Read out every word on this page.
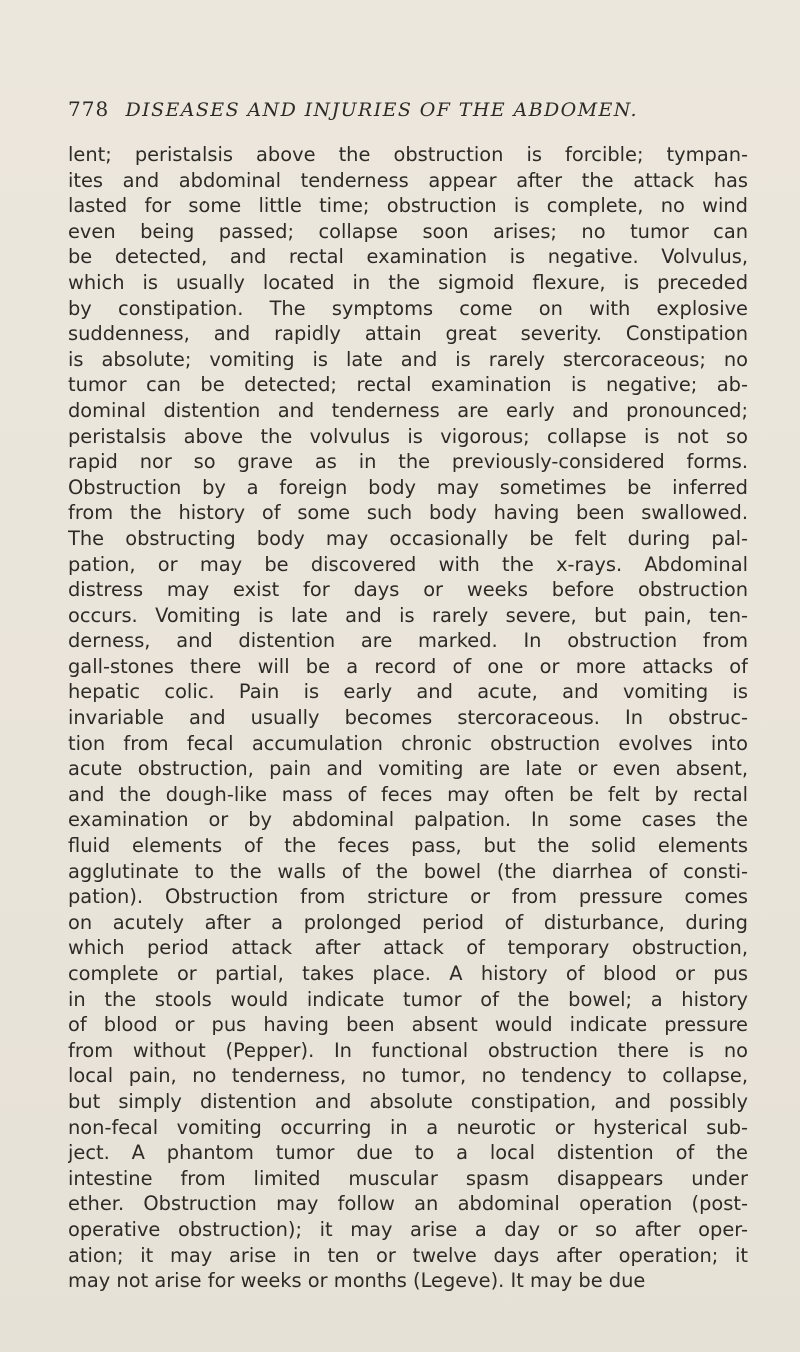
778 DISEASES AND INJURIES OF THE ABDOMEN.
lent; peristalsis above the obstruction is forcible; tympan-
ites and abdominal tenderness appear after the attack has
lasted for some little time; obstruction is complete, no wind
even being passed; collapse soon arises; no tumor can
be detected, and rectal examination is negative. Volvulus,
which is usually located in the sigmoid flexure, is preceded
by constipation. The symptoms come on with explosive
suddenness, and rapidly attain great severity. Constipation
is absolute; vomiting is late and is rarely stercoraceous; no
tumor can be detected; rectal examination is negative; ab-
dominal distention and tenderness are early and pronounced;
peristalsis above the volvulus is vigorous; collapse is not so
rapid nor so grave as in the previously-considered forms.
Obstruction by a foreign body may sometimes be inferred
from the history of some such body having been swallowed.
The obstructing body may occasionally be felt during pal-
pation, or may be discovered with the x-rays. Abdominal
distress may exist for days or weeks before obstruction
occurs. Vomiting is late and is rarely severe, but pain, ten-
derness, and distention are marked. In obstruction from
gall-stones there will be a record of one or more attacks of
hepatic colic. Pain is early and acute, and vomiting is
invariable and usually becomes stercoraceous. In obstruc-
tion from fecal accumulation chronic obstruction evolves into
acute obstruction, pain and vomiting are late or even absent,
and the dough-like mass of feces may often be felt by rectal
examination or by abdominal palpation. In some cases the
fluid elements of the feces pass, but the solid elements
agglutinate to the walls of the bowel (the diarrhea of consti-
pation). Obstruction from stricture or from pressure comes
on acutely after a prolonged period of disturbance, during
which period attack after attack of temporary obstruction,
complete or partial, takes place. A history of blood or pus
in the stools would indicate tumor of the bowel; a history
of blood or pus having been absent would indicate pressure
from without (Pepper). In functional obstruction there is no
local pain, no tenderness, no tumor, no tendency to collapse,
but simply distention and absolute constipation, and possibly
non-fecal vomiting occurring in a neurotic or hysterical sub-
ject. A phantom tumor due to a local distention of the
intestine from limited muscular spasm disappears under
ether. Obstruction may follow an abdominal operation (post-
operative obstruction); it may arise a day or so after oper-
ation; it may arise in ten or twelve days after operation; it
may not arise for weeks or months (Legeve). It may be due
